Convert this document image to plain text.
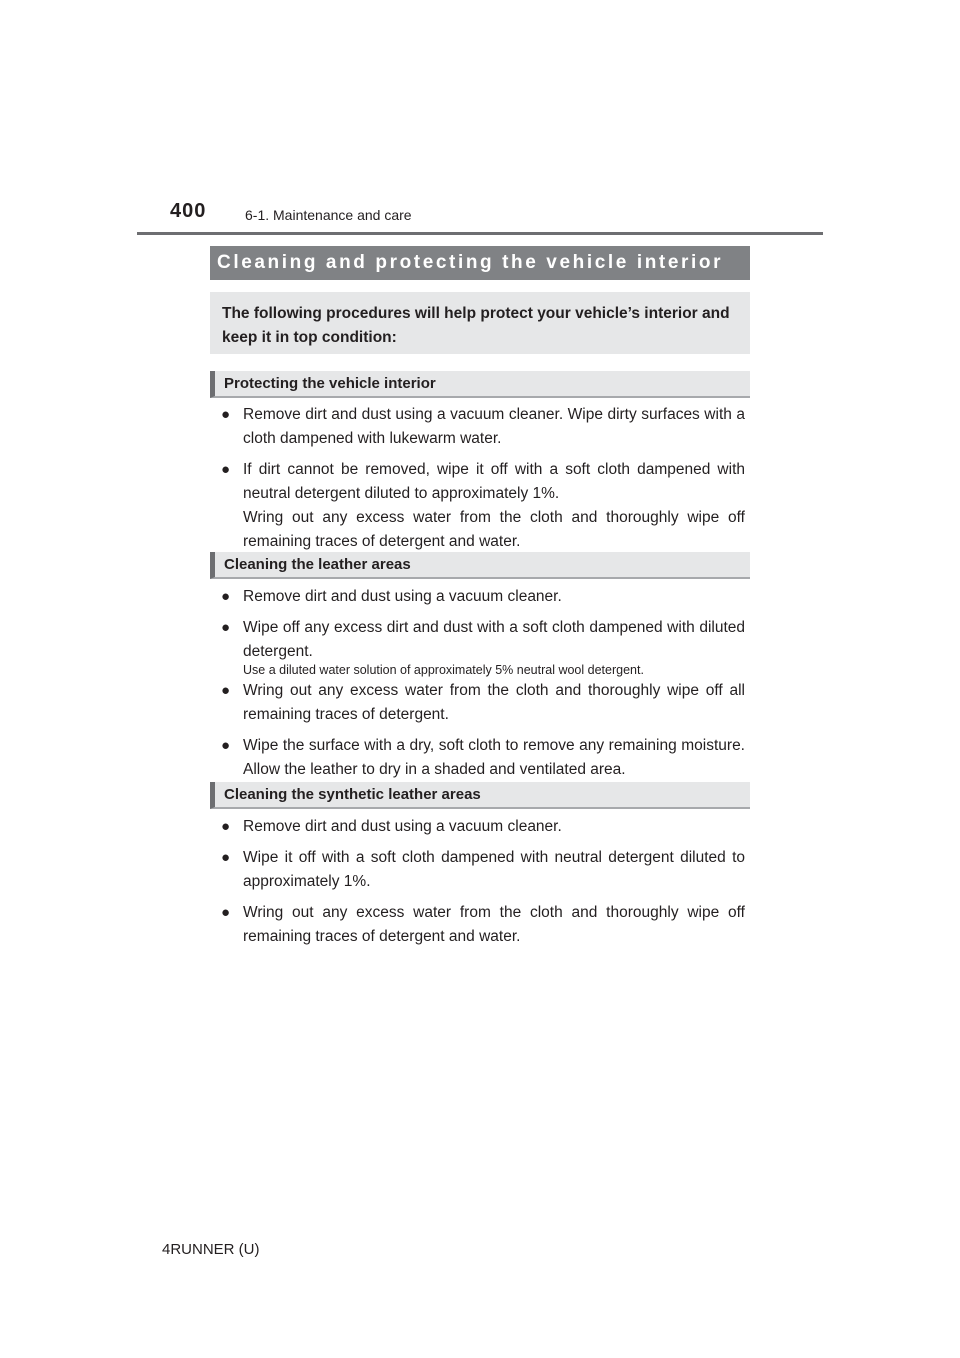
400	6-1. Maintenance and care
Cleaning and protecting the vehicle interior
The following procedures will help protect your vehicle’s interior and keep it in top condition:
Protecting the vehicle interior
● Remove dirt and dust using a vacuum cleaner. Wipe dirty surfaces with a cloth dampened with lukewarm water.
● If dirt cannot be removed, wipe it off with a soft cloth dampened with neutral detergent diluted to approximately 1%.
Wring out any excess water from the cloth and thoroughly wipe off remaining traces of detergent and water.
Cleaning the leather areas
● Remove dirt and dust using a vacuum cleaner.
● Wipe off any excess dirt and dust with a soft cloth dampened with diluted detergent.
Use a diluted water solution of approximately 5% neutral wool detergent.
● Wring out any excess water from the cloth and thoroughly wipe off all remaining traces of detergent.
● Wipe the surface with a dry, soft cloth to remove any remaining moisture. Allow the leather to dry in a shaded and ventilated area.
Cleaning the synthetic leather areas
● Remove dirt and dust using a vacuum cleaner.
● Wipe it off with a soft cloth dampened with neutral detergent diluted to approximately 1%.
● Wring out any excess water from the cloth and thoroughly wipe off remaining traces of detergent and water.
4RUNNER (U)
